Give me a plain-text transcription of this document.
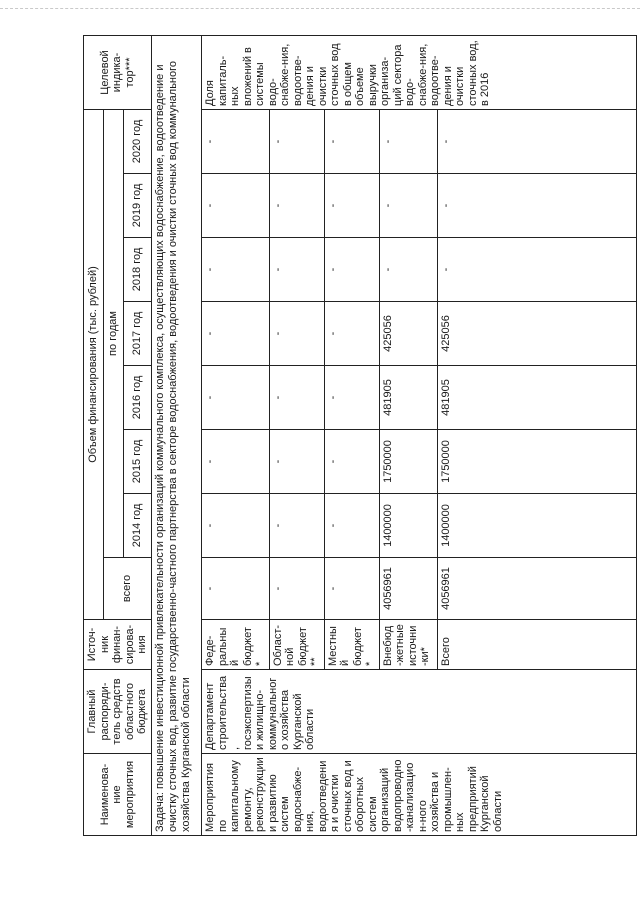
Наименова-ние мероприятия	Главный распоряди-тель средств областного бюджета	Источ-ник финан-сирова-ния	Объем финансирования (тыс. рублей)								Целевой индика-тор***
			всего	по годам							
				2014 год	2015 год	2016 год	2017 год	2018 год	2019 год	2020 год	
Задача: повышение инвестиционной привлекательности организаций коммунального комплекса, осуществляющих водоснабжение, водоотведение и очистку сточных вод, развитие государственно-частного партнерства в секторе водоснабжения, водоотведения и очистки сточных вод коммунального хозяйства Курганской области											
Мероприятия по капитальному ремонту, реконструкции и развитию систем водоснабже-ния, водоотведения и очистки сточных вод и оборотных систем организаций водопроводно-канализацион-ного хозяйства и промышлен-ных предприятий Курганской области	Департамент строительства, госэкспертизы и жилищно-коммунального хозяйства Курганской области	Феде-ральный бюджет*	-	-	-	-	-	-	-	-	Доля капиталь-ных вложений в системы водо-снабже-ния, водоотве-дения и очистки сточных вод в общем объеме выручки организа-ций сектора водо-снабже-ния, водоотве-дения и очистки сточных вод, в 2016
		Област-ной бюджет**	-	-	-	-	-	-	-	-	
		Местный бюджет*	-	-	-	-	-	-	-	-	
		Внебюд-жетные источни-ки*	4056961	1400000	1750000	481905	425056	-	-	-	
		Всего	4056961	1400000	1750000	481905	425056	-	-	-	
